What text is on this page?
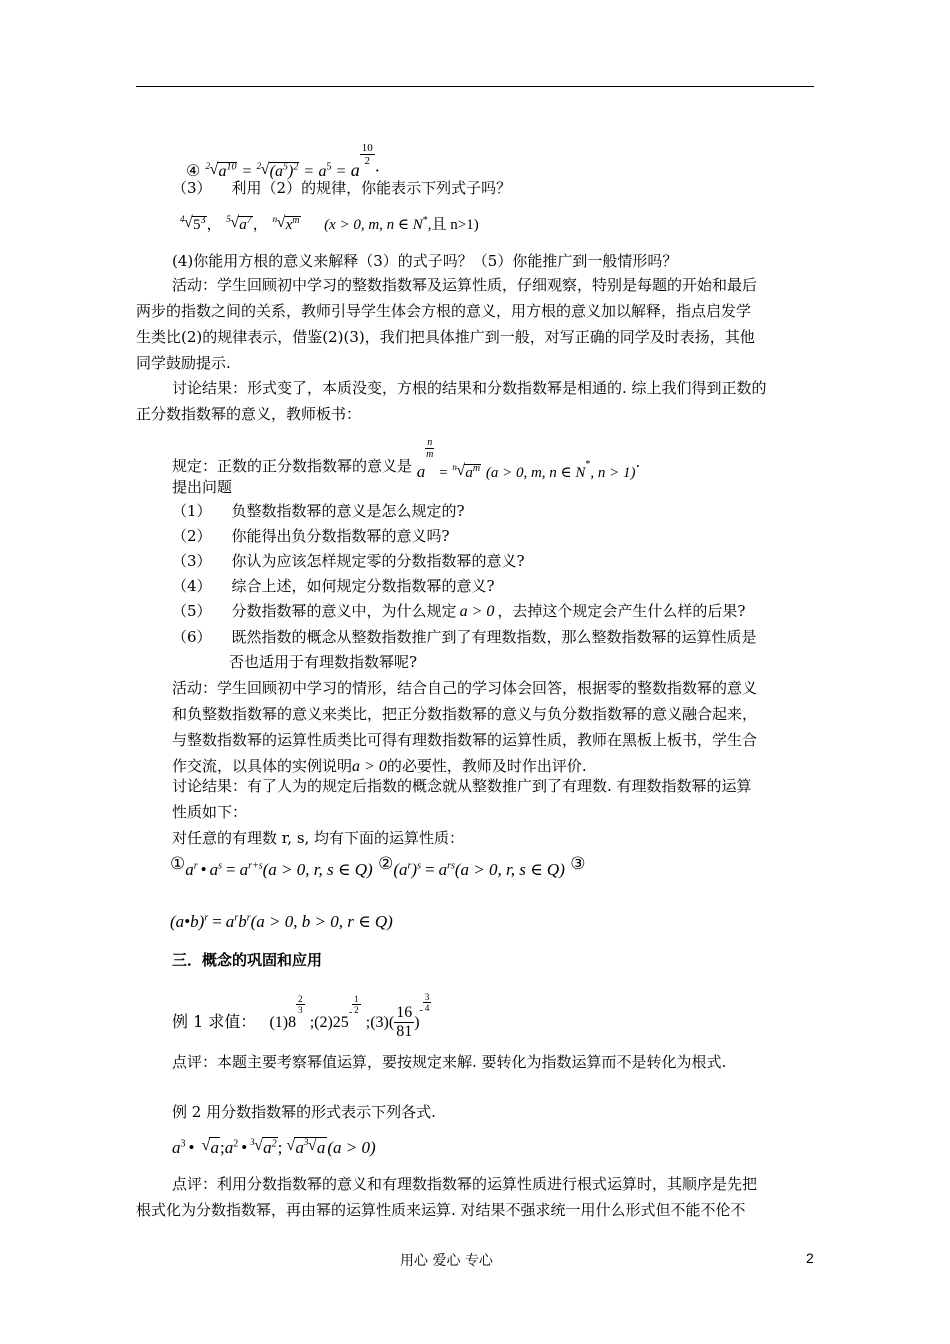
④ 2 √ $a^{10} = 2$ √ $(a^5)^2 = a^5 = a$
$\frac{10}{2}$
·
（3） 利用（2）的规律，你能表示下列式子吗？
4 √ $5^3$， 5 √ $a^7$， n √ $x^m$ (x > 0, m, n ∈ N*,且 n>1)
(4)你能用方根的意义来解释（3）的式子吗？（5）你能推广到一般情形吗？
活动：学生回顾初中学习的整数指数幂及运算性质，仔细观察，特别是每题的开始和最后
两步的指数之间的关系，教师引导学生体会方根的意义，用方根的意义加以解释，指点启发学
生类比(2)的规律表示，借鉴(2)(3)，我们把具体推广到一般，对写正确的同学及时表扬，其他
同学鼓励提示.
讨论结果：形式变了，本质没变，方根的结果和分数指数幂是相通的. 综上我们得到正数的
正分数指数幂的意义，教师板书：
规定：正数的正分数指数幂的意义是 a
$\frac{n}{m}$
= n √ $a^m$ (a > 0, m, n ∈ N*, n > 1)·
提出问题
（1） 负整数指数幂的意义是怎么规定的?
（2） 你能得出负分数指数幂的意义吗?
（3） 你认为应该怎样规定零的分数指数幂的意义?
（4） 综合上述，如何规定分数指数幂的意义?
（5） 分数指数幂的意义中，为什么规定 a > 0 ，去掉这个规定会产生什么样的后果?
（6） 既然指数的概念从整数指数推广到了有理数指数，那么整数指数幂的运算性质是
否也适用于有理数指数幂呢?
活动：学生回顾初中学习的情形，结合自己的学习体会回答，根据零的整数指数幂的意义
和负整数指数幂的意义来类比，把正分数指数幂的意义与负分数指数幂的意义融合起来，
与整数指数幂的运算性质类比可得有理数指数幂的运算性质，教师在黑板上板书，学生合
作交流，以具体的实例说明a > 0的必要性，教师及时作出评价.
讨论结果：有了人为的规定后指数的概念就从整数推广到了有理数. 有理数指数幂的运算
性质如下：
对任意的有理数 r, s, 均有下面的运算性质：
$①a^r$ • $a^s = a^{r+s}(a > 0$, r, s ∈ Q) $②(a^r)^s = a^{rs}(a > 0$, r, s ∈ Q) ③
(a•b)$^r$ = $a^rb^r(a > 0$, b > 0, r ∈ Q)
三．概念的巩固和应用
例 1 求值： (1)8
$\frac{2}{3}$
;(2)25- $\frac{1}{2}$
;(3)( $\frac{16}{81} )^- \frac{3}{4}$
点评：本题主要考察幂值运算，要按规定来解. 要转化为指数运算而不是转化为根式.
例 2 用分数指数幂的形式表示下列各式.
$a^3$ • √ $a;a^2$ • 3 √ $a^2$; √ a 3 √ a (a > 0)
点评：利用分数指数幂的意义和有理数指数幂的运算性质进行根式运算时，其顺序是先把
根式化为分数指数幂，再由幂的运算性质来运算. 对结果不强求统一用什么形式但不能不伦不
用心 爱心 专心	2
